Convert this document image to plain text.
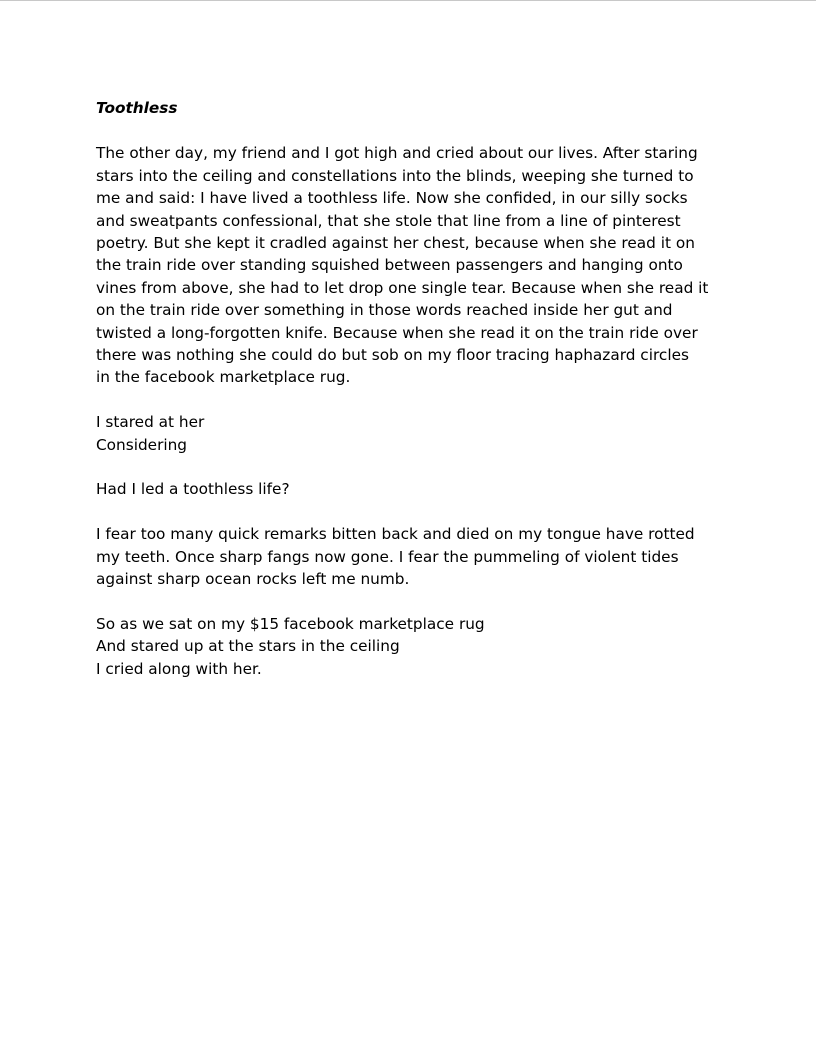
Toothless
The other day, my friend and I got high and cried about our lives. After staring
stars into the ceiling and constellations into the blinds, weeping she turned to
me and said: I have lived a toothless life. Now she confided, in our silly socks
and sweatpants confessional, that she stole that line from a line of pinterest
poetry. But she kept it cradled against her chest, because when she read it on
the train ride over standing squished between passengers and hanging onto
vines from above, she had to let drop one single tear. Because when she read it
on the train ride over something in those words reached inside her gut and
twisted a long-forgotten knife. Because when she read it on the train ride over
there was nothing she could do but sob on my floor tracing haphazard circles
in the facebook marketplace rug.
I stared at her
Considering
Had I led a toothless life?
I fear too many quick remarks bitten back and died on my tongue have rotted
my teeth. Once sharp fangs now gone. I fear the pummeling of violent tides
against sharp ocean rocks left me numb.
So as we sat on my $15 facebook marketplace rug
And stared up at the stars in the ceiling
I cried along with her.
